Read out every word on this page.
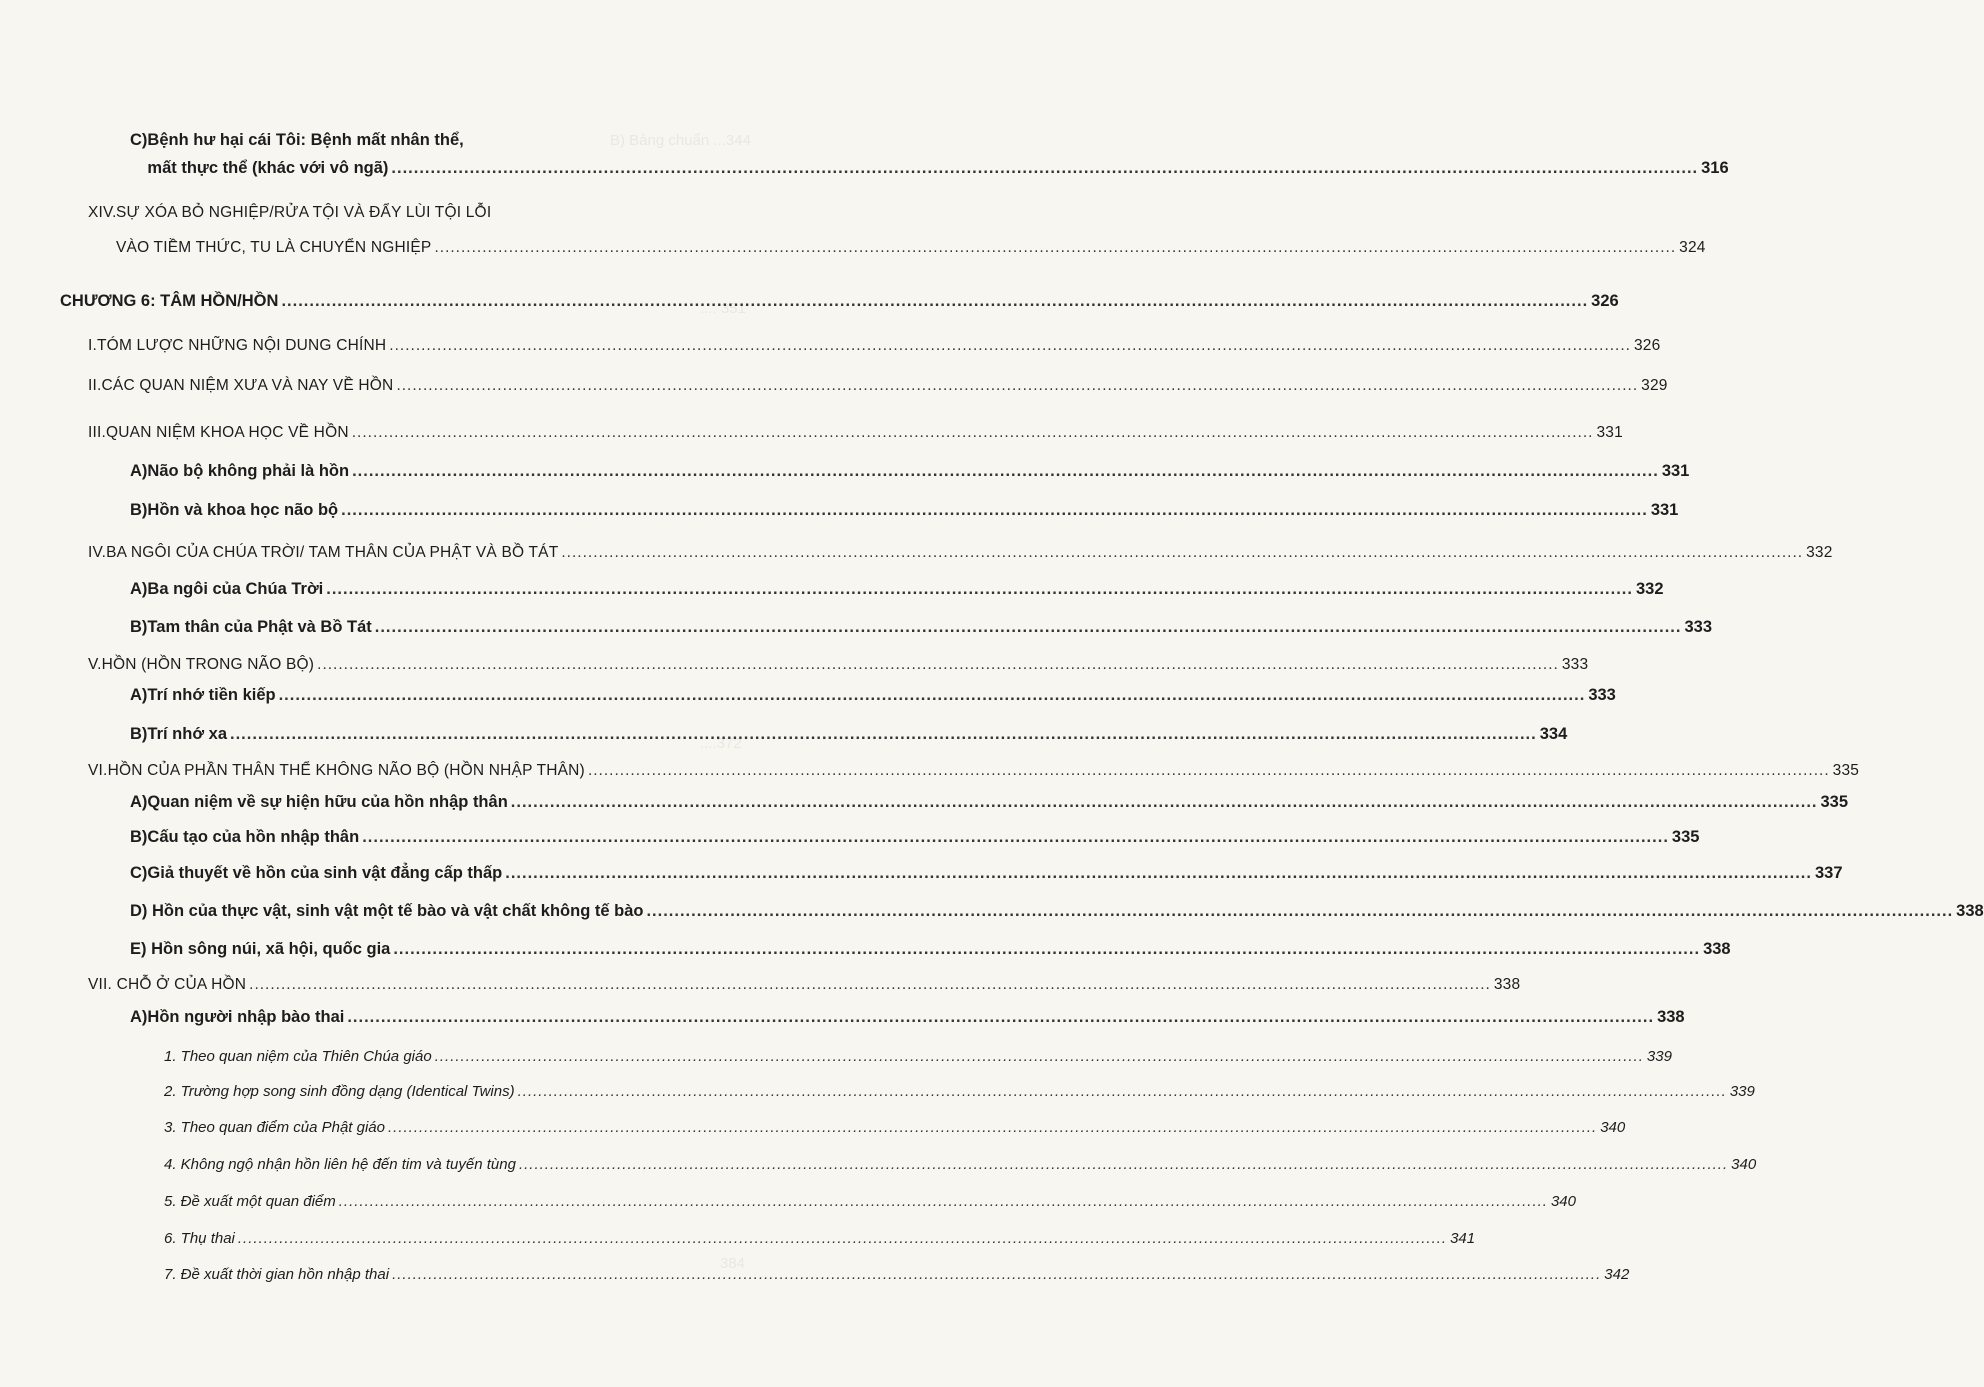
B) Bảng chuẩn ...344
.... 351
....372
384
C) Bệnh hư hại cái Tôi: Bệnh mất nhân thể,
mất thực thể (khác với vô ngã) .....	316
XIV. SỰ XÓA BỎ NGHIỆP/RỬA TỘI VÀ ĐẨY LÙI TỘI LỖI
VÀO TIỀM THỨC, TU LÀ CHUYỂN NGHIỆP .....	324
CHƯƠNG 6: TÂM HỒN/HỒN .....	326
I. TÓM LƯỢC NHỮNG NỘI DUNG CHÍNH .....	326
II. CÁC QUAN NIỆM XƯA VÀ NAY VỀ HỒN .....	329
III. QUAN NIỆM KHOA HỌC VỀ HỒN .....	331
A) Não bộ không phải là hồn .....	331
B) Hồn và khoa học não bộ .....	331
IV. BA NGÔI CỦA CHÚA TRỜI/ TAM THÂN CỦA PHẬT VÀ BỒ TÁT .....	332
A) Ba ngôi của Chúa Trời .....	332
B) Tam thân của Phật và Bồ Tát .....	333
V. HỒN (HỒN TRONG NÃO BỘ) .....	333
A) Trí nhớ tiền kiếp .....	333
B) Trí nhớ xa .....	334
VI. HỒN CỦA PHẦN THÂN THỂ KHÔNG NÃO BỘ (HỒN NHẬP THÂN) .....	335
A) Quan niệm về sự hiện hữu của hồn nhập thân .....	335
B) Cấu tạo của hồn nhập thân .....	335
C) Giả thuyết về hồn của sinh vật đẳng cấp thấp .....	337
D) Hồn của thực vật, sinh vật một tế bào và vật chất không tế bào .....	338
E) Hồn sông núi, xã hội, quốc gia .....	338
VII. CHỖ Ở CỦA HỒN .....	338
A) Hồn người nhập bào thai .....	338
1. Theo quan niệm của Thiên Chúa giáo .....	339
2. Trường hợp song sinh đồng dạng (Identical Twins) .....	339
3. Theo quan điểm của Phật giáo .....	340
4. Không ngộ nhận hồn liên hệ đến tim và tuyến tùng .....	340
5. Đề xuất một quan điểm .....	340
6. Thụ thai .....	341
7. Đề xuất thời gian hồn nhập thai .....	342
